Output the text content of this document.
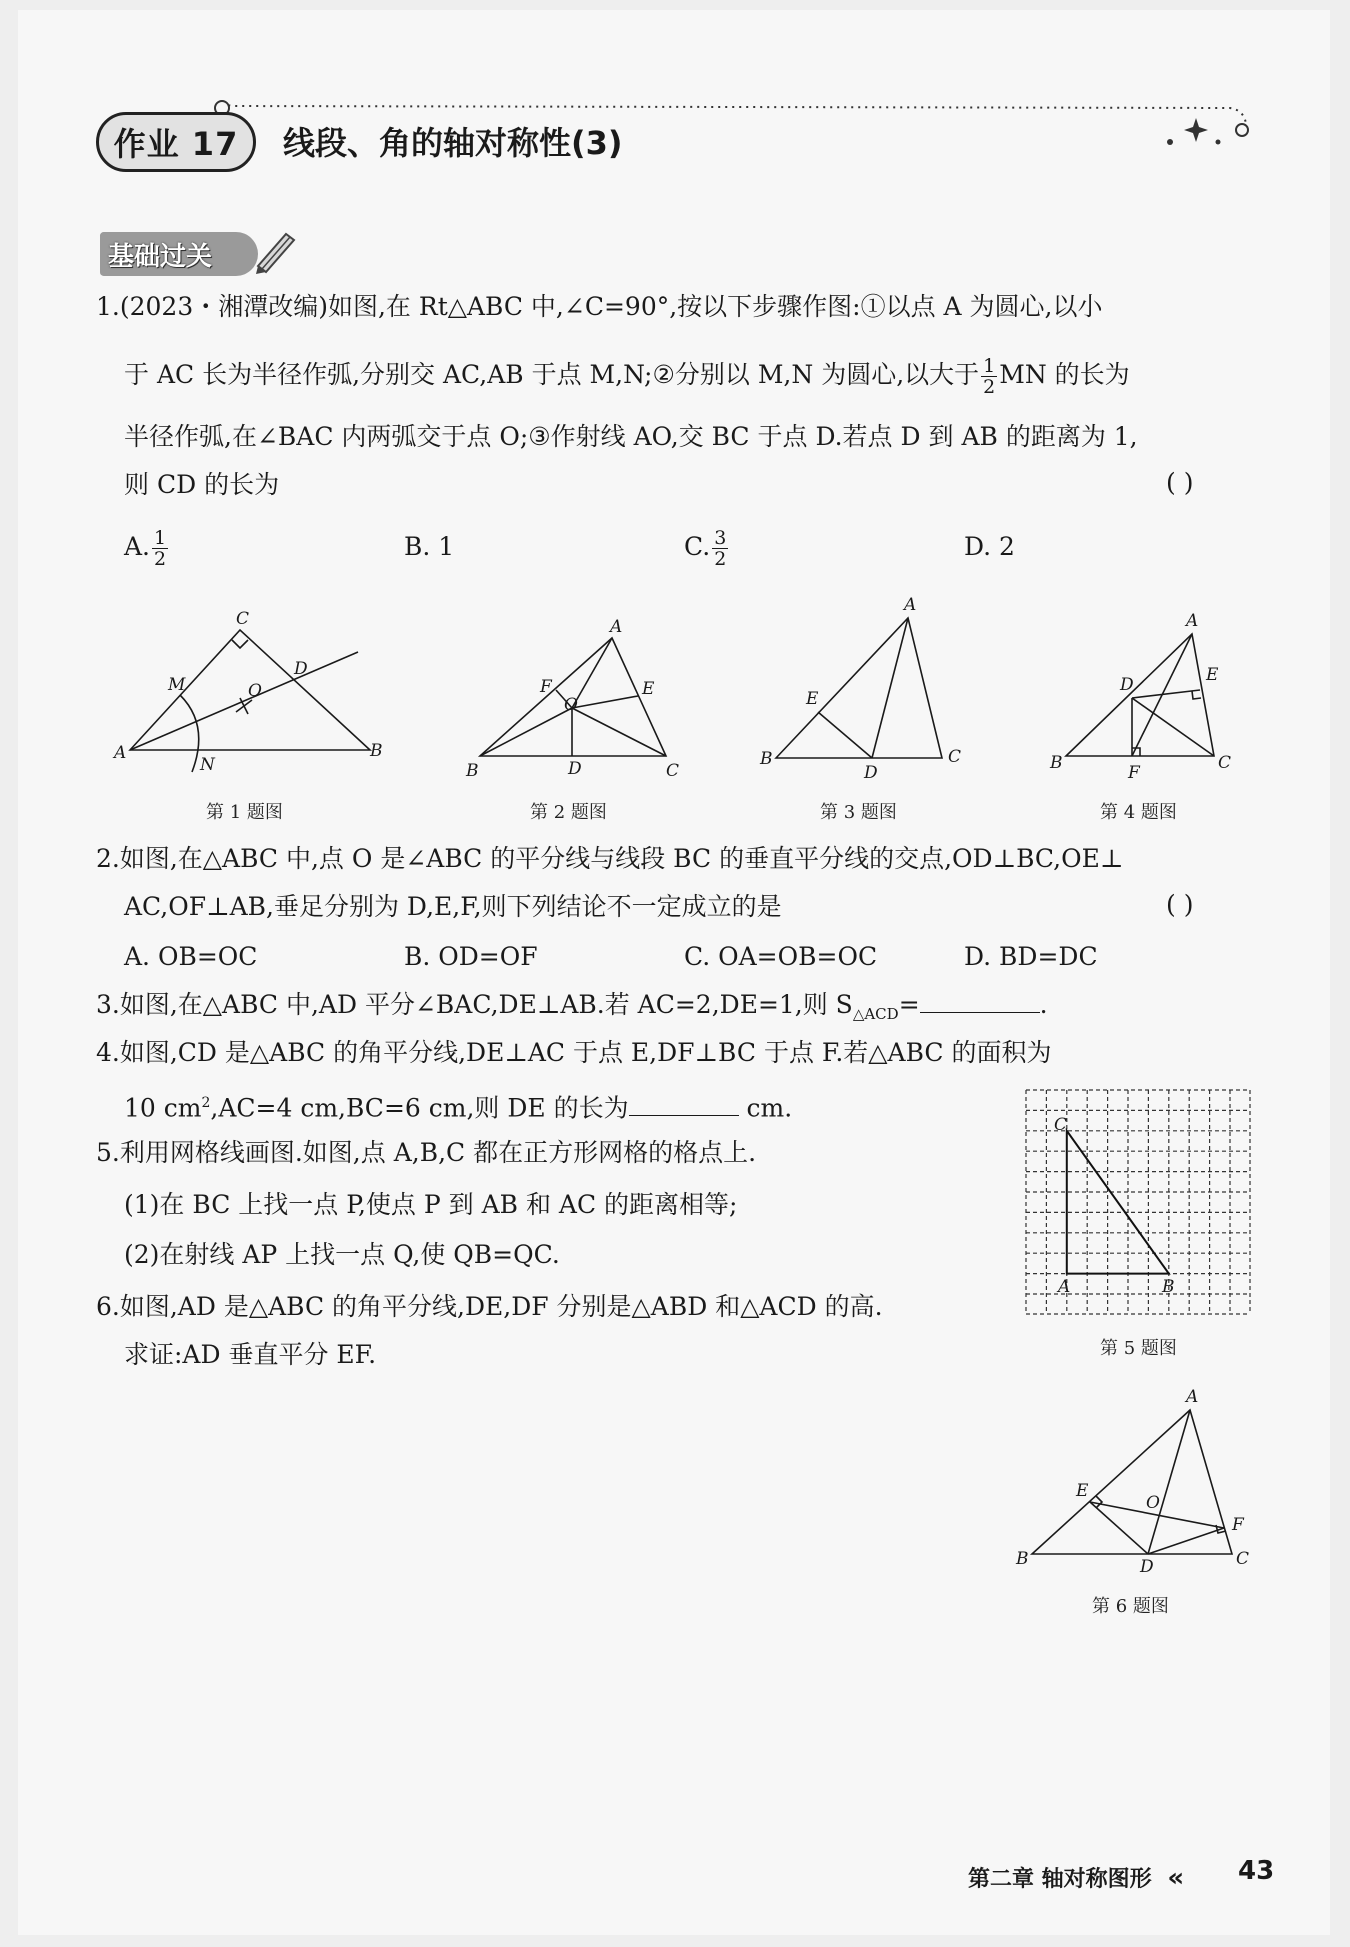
作业 17 线段、角的轴对称性(3)
基础过关
1.(2023・湘潭改编)如图,在 Rt△ABC 中,∠C=90°,按以下步骤作图:①以点 A 为圆心,以小
于 AC 长为半径作弧,分别交 AC,AB 于点 M,N;②分别以 M,N 为圆心,以大于 $\frac{1}{2}$ MN 的长为
半径作弧,在∠BAC 内两弧交于点 O;③作射线 AO,交 BC 于点 D.若点 D 到 AB 的距离为 1,
则 CD 的长为	( )
A. $\frac{1}{2}$	B. 1	C. $\frac{3}{2}$	D. 2
C
M	O
D
A
N
B
第 1 题图
A
F	E
O
B	D	C
第 2 题图
A
E
B
D
C
第 3 题图
A
E
D
B	F	C
第 4 题图
2.如图,在△ABC 中,点 O 是∠ABC 的平分线与线段 BC 的垂直平分线的交点,OD⊥BC,OE⊥
AC,OF⊥AB,垂足分别为 D,E,F,则下列结论不一定成立的是	( )
A. OB=OC	B. OD=OF	C. OA=OB=OC	D. BD=DC
3.如图,在△ABC 中,AD 平分∠BAC,DE⊥AB.若 AC=2,DE=1,则 $S_{\triangle ACD}=$	.
4.如图,CD 是△ABC 的角平分线,DE⊥AC 于点 E,DF⊥BC 于点 F.若△ABC 的面积为
10 $cm^2,AC=4$ cm,BC=6 cm,则 DE 的长为	cm.
5.利用网格线画图.如图,点 A,B,C 都在正方形网格的格点上.
(1)在 BC 上找一点 P,使点 P 到 AB 和 AC 的距离相等;
(2)在射线 AP 上找一点 Q,使 QB=QC.
C
A	B
第 5 题图
6.如图,AD 是△ABC 的角平分线,DE,DF 分别是△ABD 和△ACD 的高.
求证:AD 垂直平分 EF.
A
E
O
F
B	D	C
第 6 题图
第二章 轴对称图形 « 43
